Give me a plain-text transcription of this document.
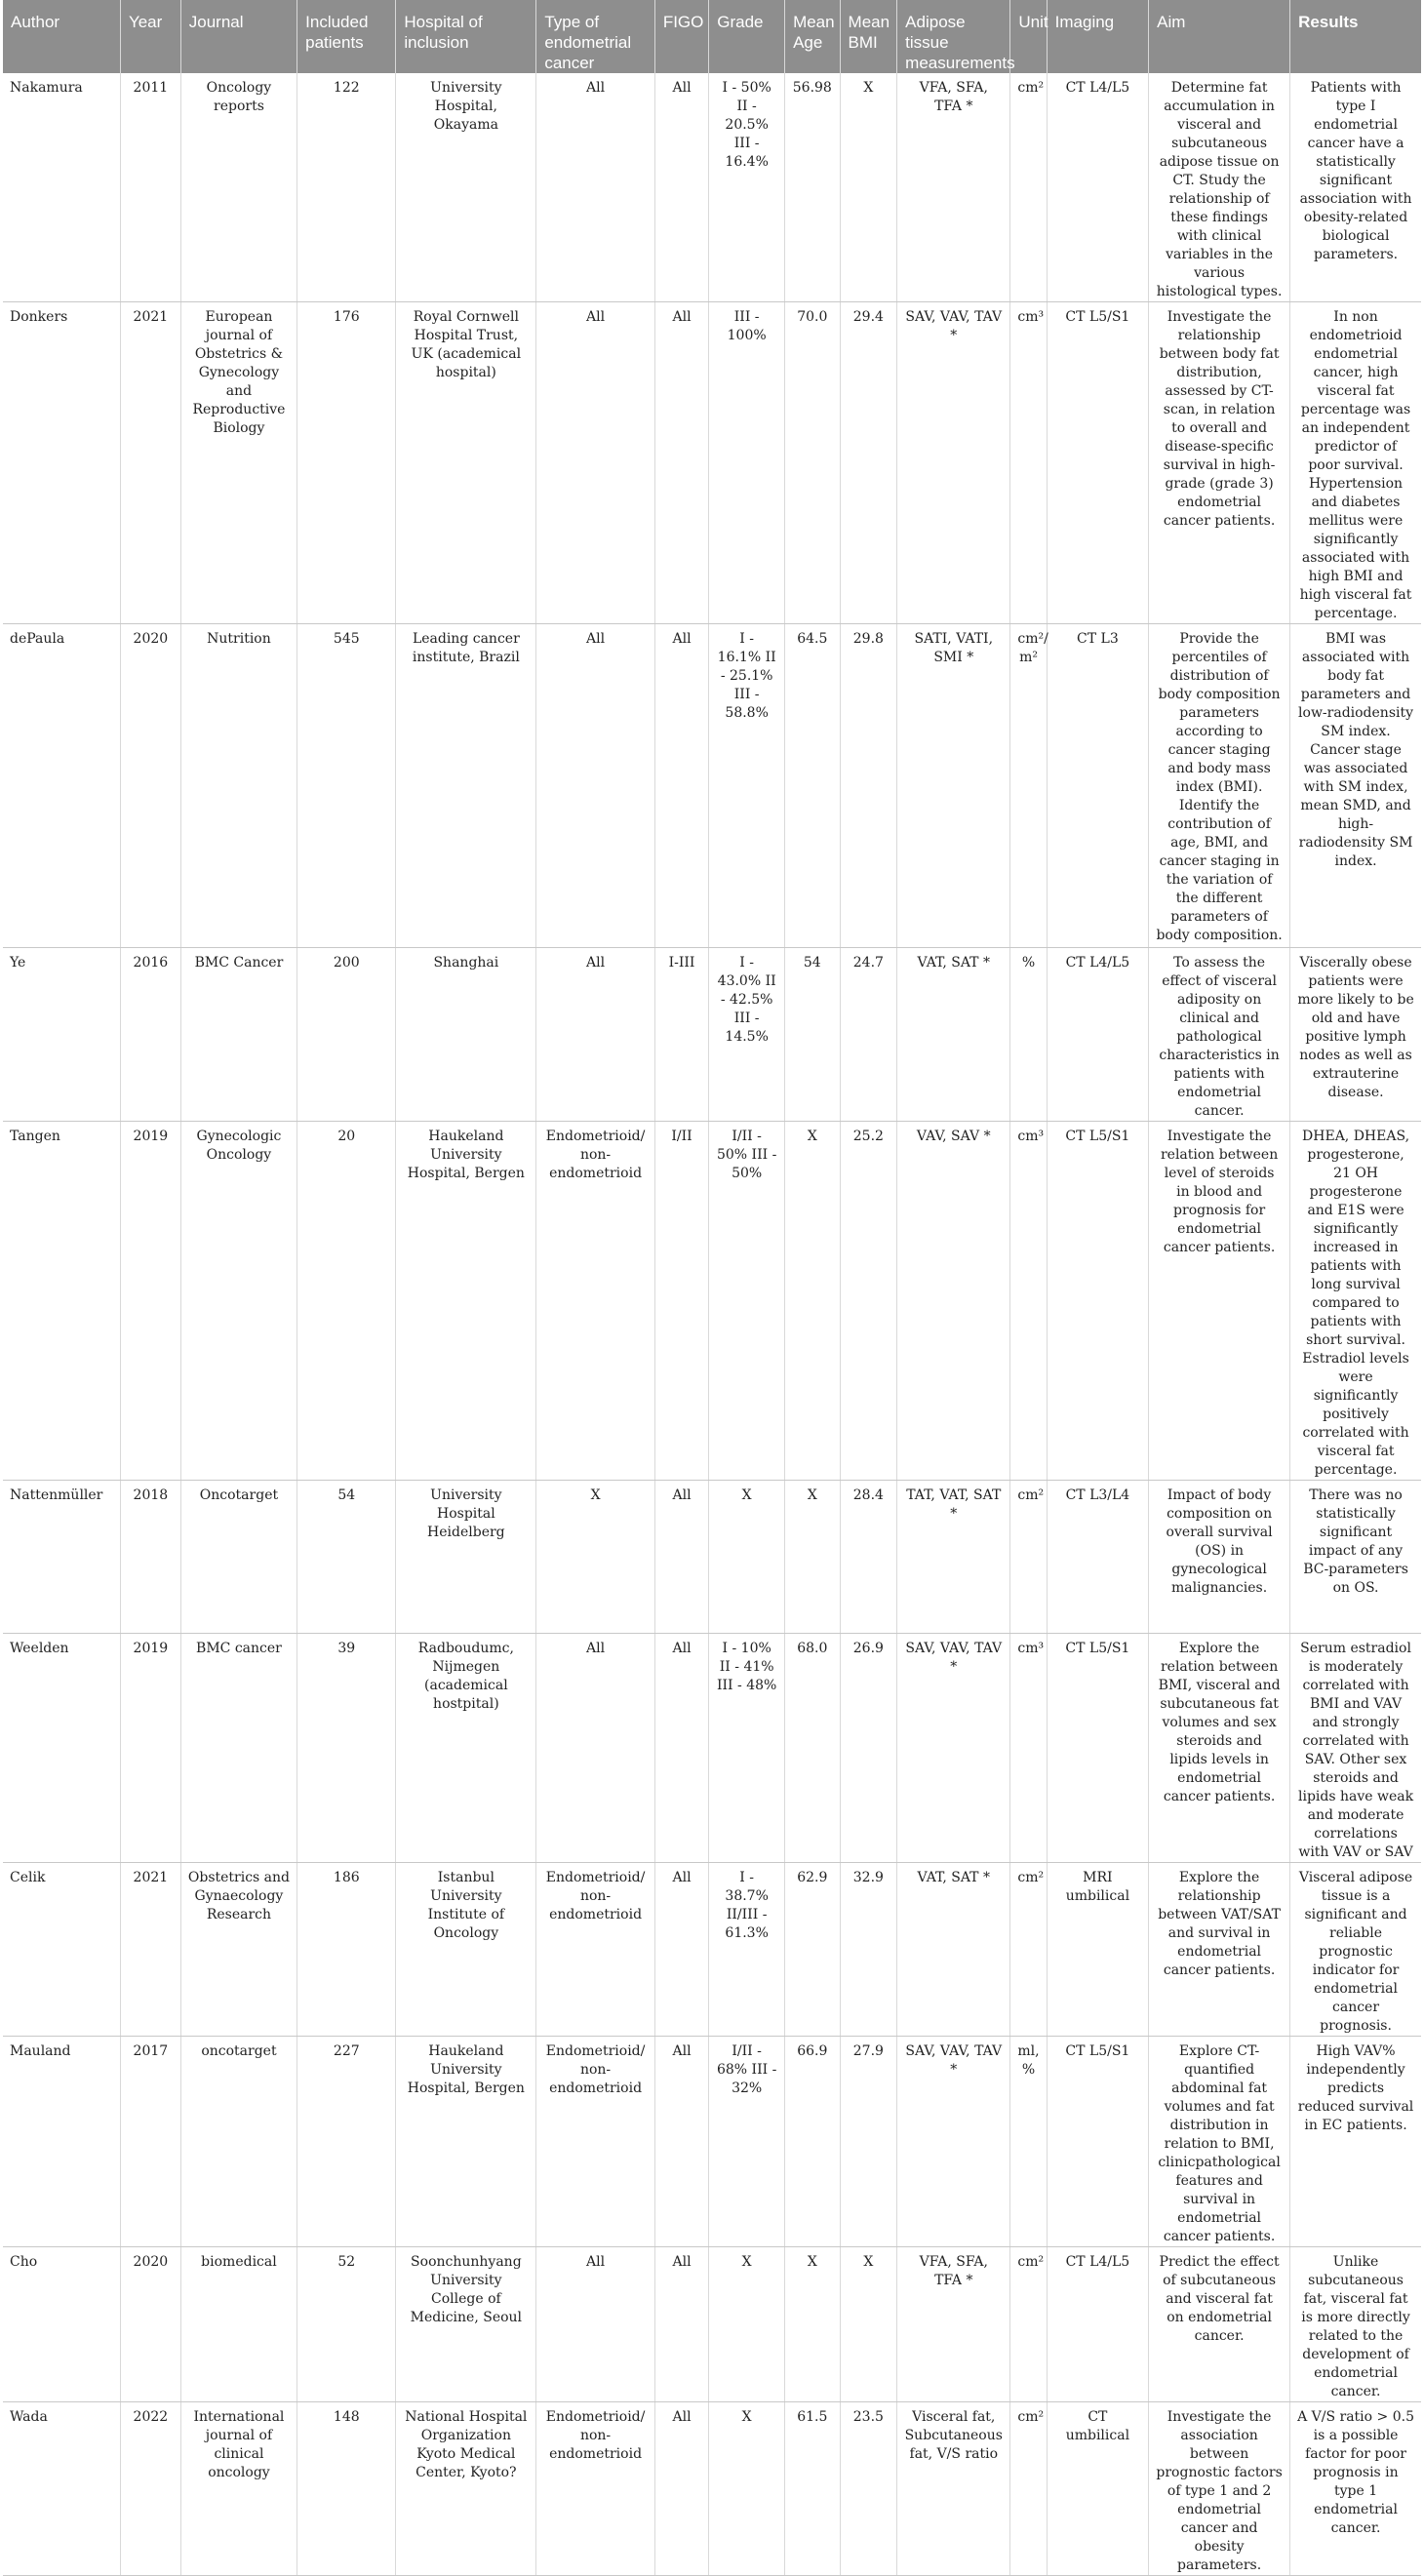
Author	Year	Journal	Included patients	Hospital of inclusion	Type of endometrial cancer	FIGO	Grade	Mean Age	Mean BMI	Adipose tissue measurements	Unit	Imaging	Aim	Results
Nakamura	2011	Oncology reports	122	University Hospital, Okayama	All	All	I - 50% II - 20.5% III - 16.4%	56.98	X	VFA, SFA, TFA *	cm²	CT L4/L5	Determine fat accumulation in visceral and subcutaneous adipose tissue on CT. Study the relationship of these findings with clinical variables in the various histological types.	Patients with type I endometrial cancer have a statistically significant association with obesity-related biological parameters.
Donkers	2021	European journal of Obstetrics & Gynecology and Reproductive Biology	176	Royal Cornwell Hospital Trust, UK (academical hospital)	All	All	III - 100%	70.0	29.4	SAV, VAV, TAV *	cm³	CT L5/S1	Investigate the relationship between body fat distribution, assessed by CT-scan, in relation to overall and disease-specific survival in high-grade (grade 3) endometrial cancer patients.	In non endometrioid endometrial cancer, high visceral fat percentage was an independent predictor of poor survival. Hypertension and diabetes mellitus were significantly associated with high BMI and high visceral fat percentage.
dePaula	2020	Nutrition	545	Leading cancer institute, Brazil	All	All	I - 16.1% II - 25.1% III - 58.8%	64.5	29.8	SATI, VATI, SMI *	cm²/ m²	CT L3	Provide the percentiles of distribution of body composition parameters according to cancer staging and body mass index (BMI). Identify the contribution of age, BMI, and cancer staging in the variation of the different parameters of body composition.	BMI was associated with body fat parameters and low-radiodensity SM index. Cancer stage was associated with SM index, mean SMD, and high-radiodensity SM index.
Ye	2016	BMC Cancer	200	Shanghai	All	I-III	I - 43.0% II - 42.5% III - 14.5%	54	24.7	VAT, SAT *	%	CT L4/L5	To assess the effect of visceral adiposity on clinical and pathological characteristics in patients with endometrial cancer.	Viscerally obese patients were more likely to be old and have positive lymph nodes as well as extrauterine disease.
Tangen	2019	Gynecologic Oncology	20	Haukeland University Hospital, Bergen	Endometrioid/ non-endometrioid	I/II	I/II - 50% III - 50%	X	25.2	VAV, SAV *	cm³	CT L5/S1	Investigate the relation between level of steroids in blood and prognosis for endometrial cancer patients.	DHEA, DHEAS, progesterone, 21 OH progesterone and E1S were significantly increased in patients with long survival compared to patients with short survival. Estradiol levels were significantly positively correlated with visceral fat percentage.
Nattenmüller	2018	Oncotarget	54	University Hospital Heidelberg	X	All	X	X	28.4	TAT, VAT, SAT *	cm²	CT L3/L4	Impact of body composition on overall survival (OS) in gynecological malignancies.	There was no statistically significant impact of any BC-parameters on OS.
Weelden	2019	BMC cancer	39	Radboudumc, Nijmegen (academical hostpital)	All	All	I - 10% II - 41% III - 48%	68.0	26.9	SAV, VAV, TAV *	cm³	CT L5/S1	Explore the relation between BMI, visceral and subcutaneous fat volumes and sex steroids and lipids levels in endometrial cancer patients.	Serum estradiol is moderately correlated with BMI and VAV and strongly correlated with SAV. Other sex steroids and lipids have weak and moderate correlations with VAV or SAV
Celik	2021	Obstetrics and Gynaecology Research	186	Istanbul University Institute of Oncology	Endometrioid/ non-endometrioid	All	I - 38.7% II/III - 61.3%	62.9	32.9	VAT, SAT *	cm²	MRI umbilical	Explore the relationship between VAT/SAT and survival in endometrial cancer patients.	Visceral adipose tissue is a significant and reliable prognostic indicator for endometrial cancer prognosis.
Mauland	2017	oncotarget	227	Haukeland University Hospital, Bergen	Endometrioid/ non-endometrioid	All	I/II - 68% III - 32%	66.9	27.9	SAV, VAV, TAV *	ml, %	CT L5/S1	Explore CT-quantified abdominal fat volumes and fat distribution in relation to BMI, clinicpathological features and survival in endometrial cancer patients.	High VAV% independently predicts reduced survival in EC patients.
Cho	2020	biomedical	52	Soonchunhyang University College of Medicine, Seoul	All	All	X	X	X	VFA, SFA, TFA *	cm²	CT L4/L5	Predict the effect of subcutaneous and visceral fat on endometrial cancer.	Unlike subcutaneous fat, visceral fat is more directly related to the development of endometrial cancer.
Wada	2022	International journal of clinical oncology	148	National Hospital Organization Kyoto Medical Center, Kyoto?	Endometrioid/ non-endometrioid	All	X	61.5	23.5	Visceral fat, Subcutaneous fat, V/S ratio	cm²	CT umbilical	Investigate the association between prognostic factors of type 1 and 2 endometrial cancer and obesity parameters.	A V/S ratio > 0.5 is a possible factor for poor prognosis in type 1 endometrial cancer.
